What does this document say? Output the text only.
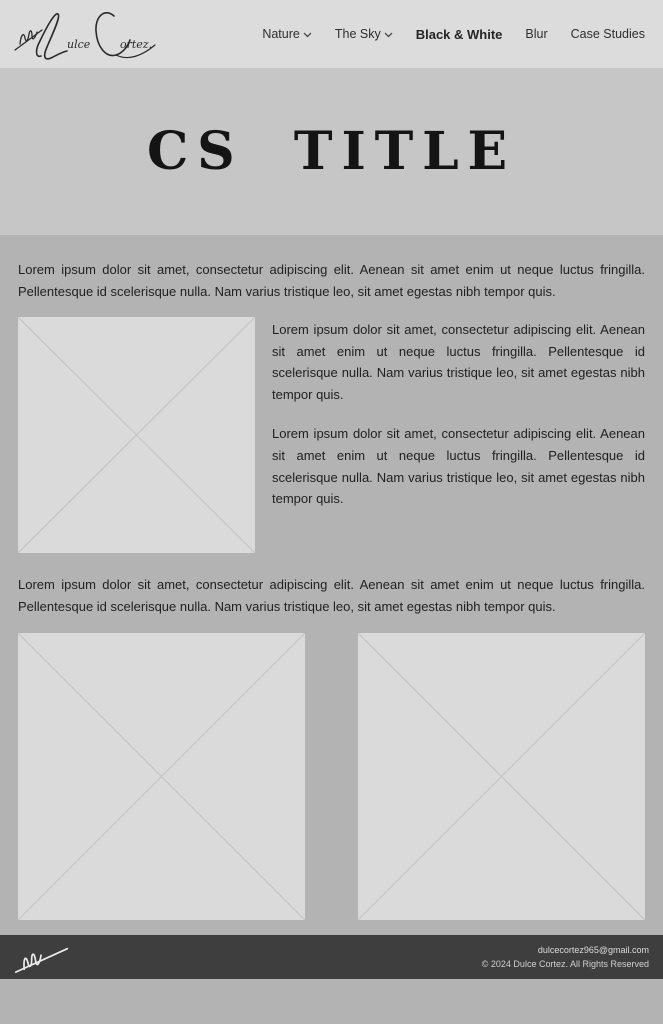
ulce	ortez.
Nature	The Sky	Black & White Blur Case Studies
CS TITLE

Lorem ipsum dolor sit amet, consectetur adipiscing elit. Aenean sit amet enim ut neque luctus fringilla. Pellentesque id scelerisque nulla. Nam varius tristique leo, sit amet egestas nibh tempor quis.

Lorem ipsum dolor sit amet, consectetur adipiscing elit. Aenean sit amet enim ut neque luctus fringilla. Pellentesque id scelerisque nulla. Nam varius tristique leo, sit amet egestas nibh tempor quis.

Lorem ipsum dolor sit amet, consectetur adipiscing elit. Aenean sit amet enim ut neque luctus fringilla. Pellentesque id scelerisque nulla. Nam varius tristique leo, sit amet egestas nibh tempor quis.

Lorem ipsum dolor sit amet, consectetur adipiscing elit. Aenean sit amet enim ut neque luctus fringilla. Pellentesque id scelerisque nulla. Nam varius tristique leo, sit amet egestas nibh tempor quis.

dulcecortez965@gmail.com
© 2024 Dulce Cortez. All Rights Reserved
